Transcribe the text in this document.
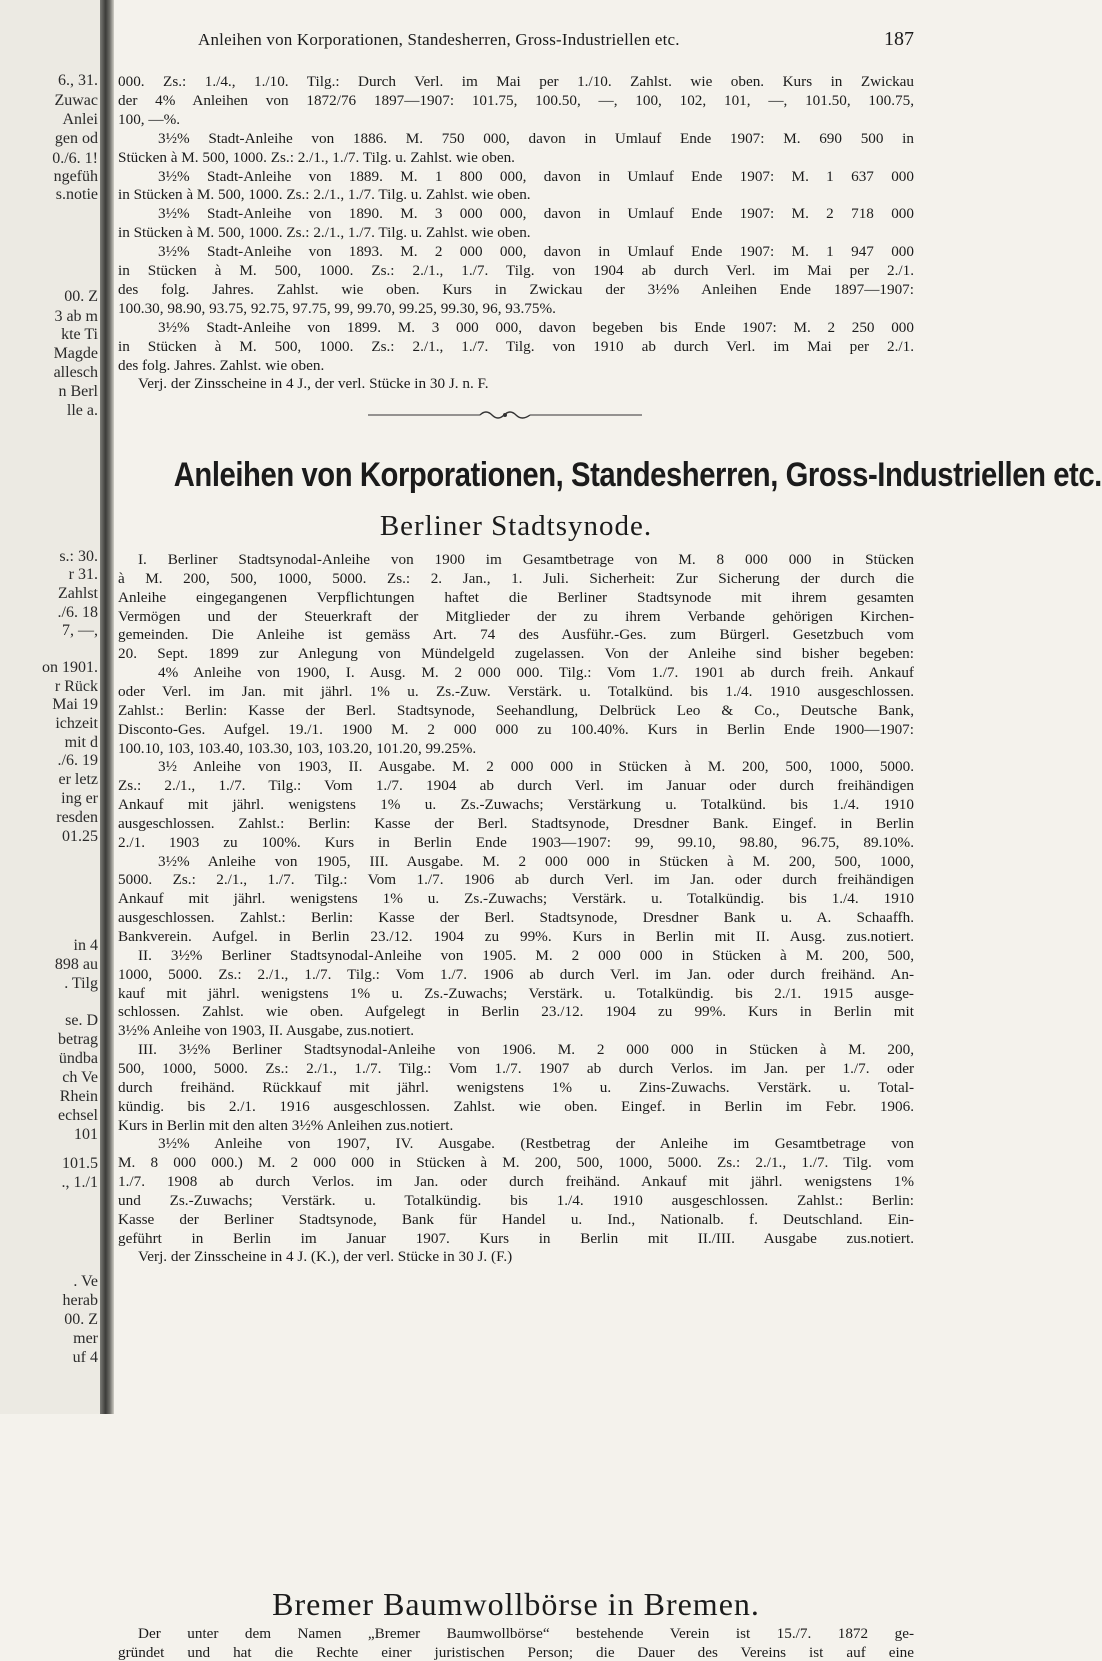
6., 31.
Zuwac
Anlei
gen od
0./6. 1!
ngefüh
s.notie
00. Z
3 ab m
kte Ti
Magde
allesch
n Berl
lle a.
s.: 30.
r 31.
Zahlst
./6. 18
7, —,
on 1901.
r Rück
Mai 19
ichzeit
mit d
./6. 19
er letz
ing er
resden
01.25
in 4
898 au
. Tilg
se. D
betrag
ündba
ch Ve
Rhein
echsel
101
101.5
., 1./1
. Ve
herab
00. Z
mer
uf 4
Anleihen von Korporationen, Standesherren, Gross-Industriellen etc.	187
000. Zs.: 1./4., 1./10. Tilg.: Durch Verl. im Mai per 1./10. Zahlst. wie oben. Kurs in Zwickau
der 4% Anleihen von 1872/76 1897—1907: 101.75, 100.50, —, 100, 102, 101, —, 101.50, 100.75,
100, —%.
3½% Stadt-Anleihe von 1886. M. 750 000, davon in Umlauf Ende 1907: M. 690 500 in
Stücken à M. 500, 1000. Zs.: 2./1., 1./7. Tilg. u. Zahlst. wie oben.
3½% Stadt-Anleihe von 1889. M. 1 800 000, davon in Umlauf Ende 1907: M. 1 637 000
in Stücken à M. 500, 1000. Zs.: 2./1., 1./7. Tilg. u. Zahlst. wie oben.
3½% Stadt-Anleihe von 1890. M. 3 000 000, davon in Umlauf Ende 1907: M. 2 718 000
in Stücken à M. 500, 1000. Zs.: 2./1., 1./7. Tilg. u. Zahlst. wie oben.
3½% Stadt-Anleihe von 1893. M. 2 000 000, davon in Umlauf Ende 1907: M. 1 947 000
in Stücken à M. 500, 1000. Zs.: 2./1., 1./7. Tilg. von 1904 ab durch Verl. im Mai per 2./1.
des folg. Jahres. Zahlst. wie oben. Kurs in Zwickau der 3½% Anleihen Ende 1897—1907:
100.30, 98.90, 93.75, 92.75, 97.75, 99, 99.70, 99.25, 99.30, 96, 93.75%.
3½% Stadt-Anleihe von 1899. M. 3 000 000, davon begeben bis Ende 1907: M. 2 250 000
in Stücken à M. 500, 1000. Zs.: 2./1., 1./7. Tilg. von 1910 ab durch Verl. im Mai per 2./1.
des folg. Jahres. Zahlst. wie oben.
Verj. der Zinsscheine in 4 J., der verl. Stücke in 30 J. n. F.
Anleihen von Korporationen, Standesherren, Gross-Industriellen etc.
Berliner Stadtsynode.
I. Berliner Stadtsynodal-Anleihe von 1900 im Gesamtbetrage von M. 8 000 000 in Stücken
à M. 200, 500, 1000, 5000. Zs.: 2. Jan., 1. Juli. Sicherheit: Zur Sicherung der durch die
Anleihe eingegangenen Verpflichtungen haftet die Berliner Stadtsynode mit ihrem gesamten
Vermögen und der Steuerkraft der Mitglieder der zu ihrem Verbande gehörigen Kirchen-
gemeinden. Die Anleihe ist gemäss Art. 74 des Ausführ.-Ges. zum Bürgerl. Gesetzbuch vom
20. Sept. 1899 zur Anlegung von Mündelgeld zugelassen. Von der Anleihe sind bisher begeben:
4% Anleihe von 1900, I. Ausg. M. 2 000 000. Tilg.: Vom 1./7. 1901 ab durch freih. Ankauf
oder Verl. im Jan. mit jährl. 1% u. Zs.-Zuw. Verstärk. u. Totalkünd. bis 1./4. 1910 ausgeschlossen.
Zahlst.: Berlin: Kasse der Berl. Stadtsynode, Seehandlung, Delbrück Leo & Co., Deutsche Bank,
Disconto-Ges. Aufgel. 19./1. 1900 M. 2 000 000 zu 100.40%. Kurs in Berlin Ende 1900—1907:
100.10, 103, 103.40, 103.30, 103, 103.20, 101.20, 99.25%.
3½ Anleihe von 1903, II. Ausgabe. M. 2 000 000 in Stücken à M. 200, 500, 1000, 5000.
Zs.: 2./1., 1./7. Tilg.: Vom 1./7. 1904 ab durch Verl. im Januar oder durch freihändigen
Ankauf mit jährl. wenigstens 1% u. Zs.-Zuwachs; Verstärkung u. Totalkünd. bis 1./4. 1910
ausgeschlossen. Zahlst.: Berlin: Kasse der Berl. Stadtsynode, Dresdner Bank. Eingef. in Berlin
2./1. 1903 zu 100%. Kurs in Berlin Ende 1903—1907: 99, 99.10, 98.80, 96.75, 89.10%.
3½% Anleihe von 1905, III. Ausgabe. M. 2 000 000 in Stücken à M. 200, 500, 1000,
5000. Zs.: 2./1., 1./7. Tilg.: Vom 1./7. 1906 ab durch Verl. im Jan. oder durch freihändigen
Ankauf mit jährl. wenigstens 1% u. Zs.-Zuwachs; Verstärk. u. Totalkündig. bis 1./4. 1910
ausgeschlossen. Zahlst.: Berlin: Kasse der Berl. Stadtsynode, Dresdner Bank u. A. Schaaffh.
Bankverein. Aufgel. in Berlin 23./12. 1904 zu 99%. Kurs in Berlin mit II. Ausg. zus.notiert.
II. 3½% Berliner Stadtsynodal-Anleihe von 1905. M. 2 000 000 in Stücken à M. 200, 500,
1000, 5000. Zs.: 2./1., 1./7. Tilg.: Vom 1./7. 1906 ab durch Verl. im Jan. oder durch freihänd. An-
kauf mit jährl. wenigstens 1% u. Zs.-Zuwachs; Verstärk. u. Totalkündig. bis 2./1. 1915 ausge-
schlossen. Zahlst. wie oben. Aufgelegt in Berlin 23./12. 1904 zu 99%. Kurs in Berlin mit
3½% Anleihe von 1903, II. Ausgabe, zus.notiert.
III. 3½% Berliner Stadtsynodal-Anleihe von 1906. M. 2 000 000 in Stücken à M. 200,
500, 1000, 5000. Zs.: 2./1., 1./7. Tilg.: Vom 1./7. 1907 ab durch Verlos. im Jan. per 1./7. oder
durch freihänd. Rückkauf mit jährl. wenigstens 1% u. Zins-Zuwachs. Verstärk. u. Total-
kündig. bis 2./1. 1916 ausgeschlossen. Zahlst. wie oben. Eingef. in Berlin im Febr. 1906.
Kurs in Berlin mit den alten 3½% Anleihen zus.notiert.
3½% Anleihe von 1907, IV. Ausgabe. (Restbetrag der Anleihe im Gesamtbetrage von
M. 8 000 000.) M. 2 000 000 in Stücken à M. 200, 500, 1000, 5000. Zs.: 2./1., 1./7. Tilg. vom
1./7. 1908 ab durch Verlos. im Jan. oder durch freihänd. Ankauf mit jährl. wenigstens 1%
und Zs.-Zuwachs; Verstärk. u. Totalkündig. bis 1./4. 1910 ausgeschlossen. Zahlst.: Berlin:
Kasse der Berliner Stadtsynode, Bank für Handel u. Ind., Nationalb. f. Deutschland. Ein-
geführt in Berlin im Januar 1907. Kurs in Berlin mit II./III. Ausgabe zus.notiert.
Verj. der Zinsscheine in 4 J. (K.), der verl. Stücke in 30 J. (F.)
Bremer Baumwollbörse in Bremen.
Der unter dem Namen „Bremer Baumwollbörse“ bestehende Verein ist 15./7. 1872 ge-
gründet und hat die Rechte einer juristischen Person; die Dauer des Vereins ist auf eine
